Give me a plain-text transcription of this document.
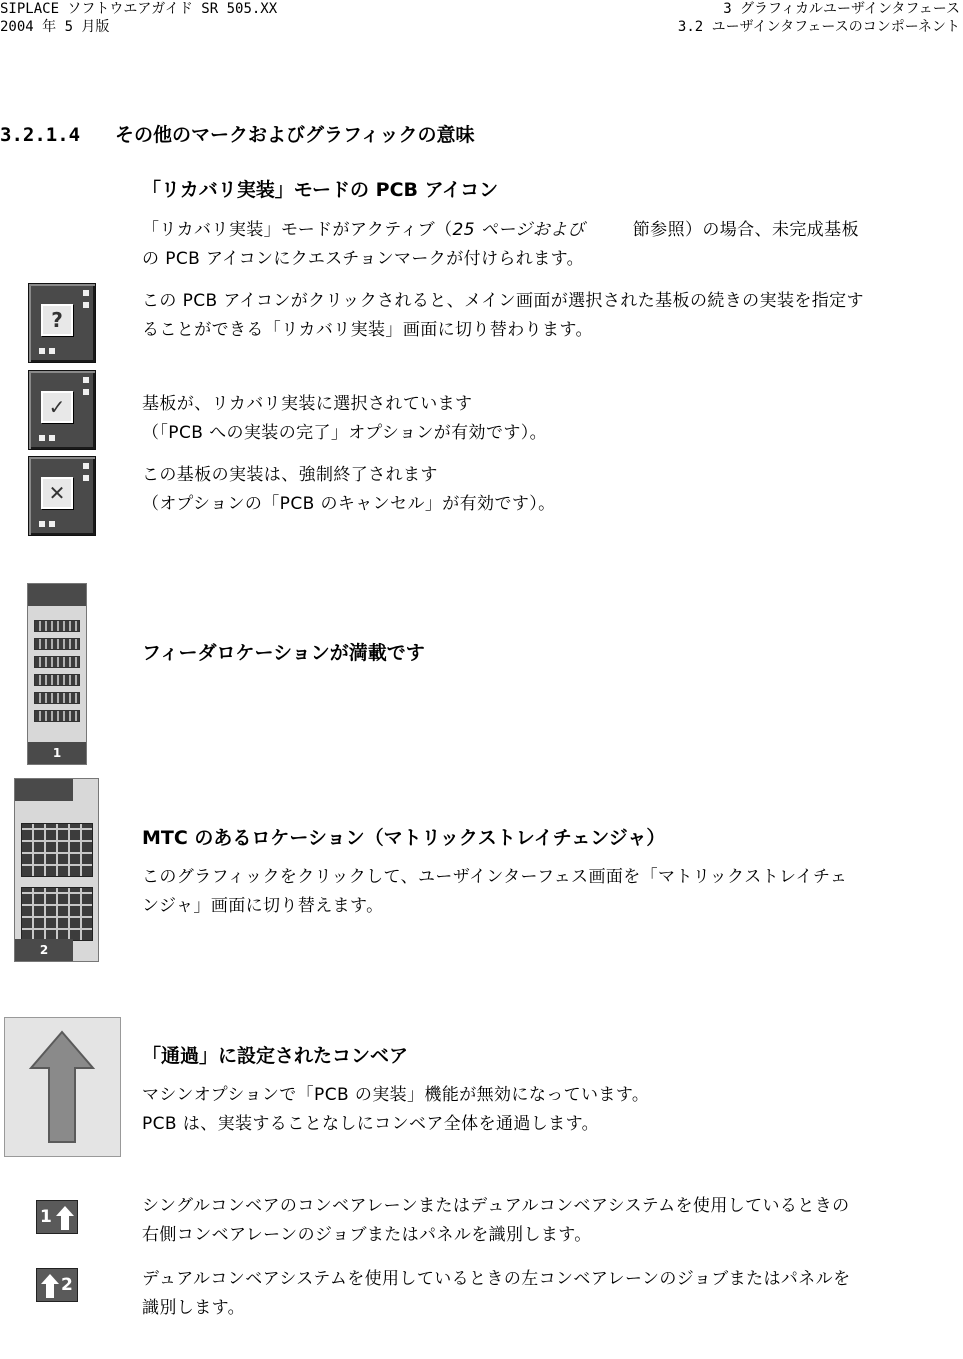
SIPLACE ソフトウエアガイド SR 505.XX
2004 年 5 月版
3 グラフィカルユーザインタフェース
3.2 ユーザインタフェースのコンポーネント
3.2.1.4 その他のマークおよびグラフィックの意味
「リカバリ実装」モードの PCB アイコン

「リカバリ実装」モードがアクティブ（25 ページおよび	節参照）の場合、未完成基板

の PCB アイコンにクエスチョンマークが付けられます。

?

この PCB アイコンがクリックされると、メイン画面が選択された基板の続きの実装を指定す

ることができる「リカバリ実装」画面に切り替わります。

✓	基板が、リカバリ実装に選択されています

（「PCB への実装の完了」オプションが有効です）。

✕

この基板の実装は、強制終了されます

（オプションの「PCB のキャンセル」が有効です）。

1
フィーダロケーションが満載です
2
MTC のあるロケーション（マトリックストレイチェンジャ）

このグラフィックをクリックして、ユーザインターフェス画面を「マトリックストレイチェ

ンジャ」画面に切り替えます。

「通過」に設定されたコンベア

マシンオプションで「PCB の実装」機能が無効になっています。

PCB は、実装することなしにコンベア全体を通過します。

1

シングルコンベアのコンベアレーンまたはデュアルコンベアシステムを使用しているときの

右側コンベアレーンのジョブまたはパネルを識別します。

2	デュアルコンベアシステムを使用しているときの左コンベアレーンのジョブまたはパネルを

識別します。
